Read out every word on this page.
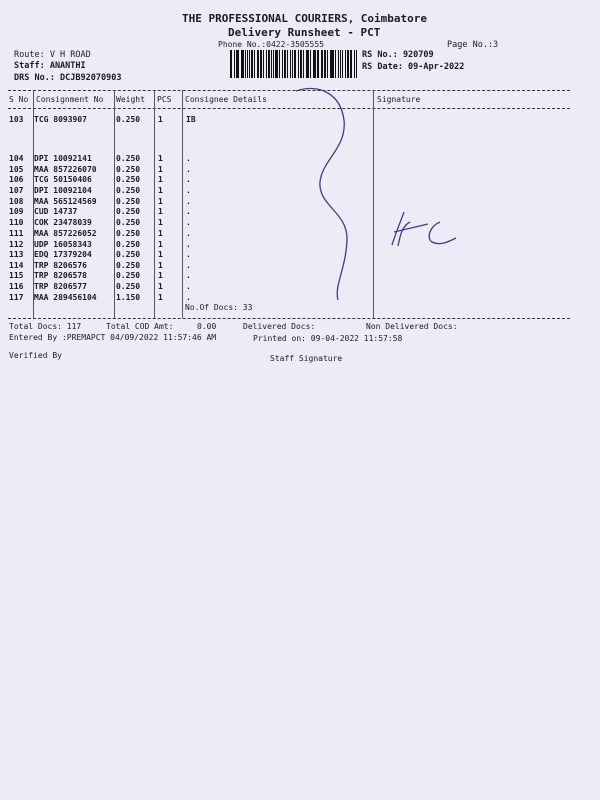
THE PROFESSIONAL COURIERS, Coimbatore
Delivery Runsheet - PCT
Phone No.:0422-3505555	Page No.:3
Route: V H ROAD
Staff: ANANTHI
DRS No.: DCJB92070903
RS No.: 920709
RS Date: 09-Apr-2022
S No Consignment No Weight PCS Consignee Details	Signature
103 TCG 8093907	0.250 1	IB
104 DPI 10092141	0.250 1	.
105 MAA 857226070 0.250 1	.
106 TCG 50150406	0.250 1	.
107 DPI 10092104	0.250 1	.
108 MAA 565124569 0.250 1	.
109 CUD 14737	0.250 1	.
110 COK 23478039	0.250 1	.
111 MAA 857226052 0.250 1	.
112 UDP 16058343	0.250 1	.
113 EDQ 17379204	0.250 1	.
114 TRP 8206576	0.250 1	.
115 TRP 8206578	0.250 1	.
116 TRP 8206577	0.250 1	.
117 MAA 289456104 1.150 1	.
No.Of Docs: 33
Total Docs: 117	Total COD Amt:	0.00	Delivered Docs:	Non Delivered Docs:
Entered By :PREMAPCT 04/09/2022 11:57:46 AM	Printed on: 09-04-2022 11:57:58
Verified By	Staff Signature
